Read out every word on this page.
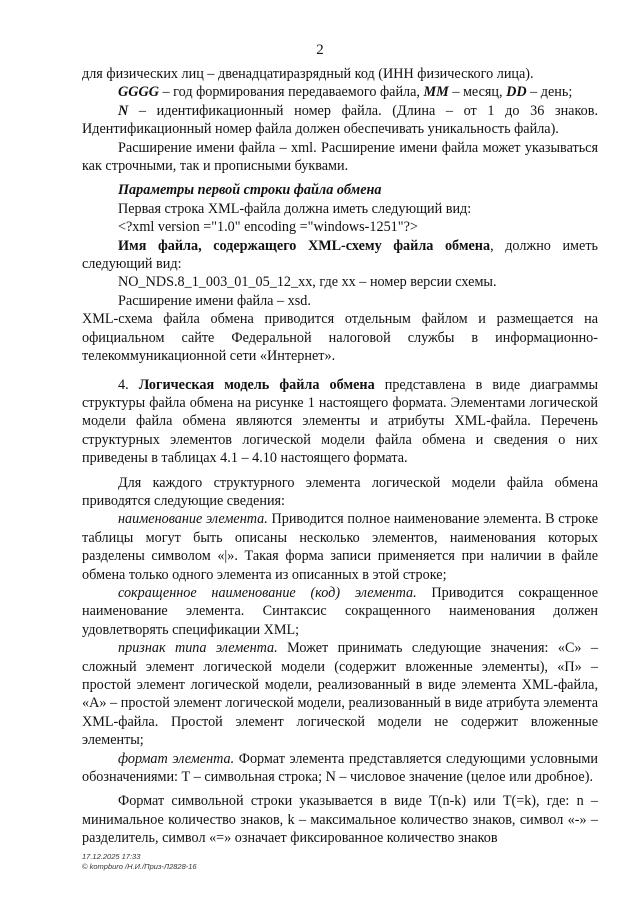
2

для физических лиц – двенадцатиразрядный код (ИНН физического лица).

GGGG – год формирования передаваемого файла, ММ – месяц, DD – день;

N – идентификационный номер файла. (Длина – от 1 до 36 знаков. Идентификационный номер файла должен обеспечивать уникальность файла).

Расширение имени файла – xml. Расширение имени файла может указываться как строчными, так и прописными буквами.

Параметры первой строки файла обмена

Первая строка XML-файла должна иметь следующий вид:

<?xml version ="1.0" encoding ="windows-1251"?>

Имя файла, содержащего XML-схему файла обмена, должно иметь следующий вид:

NO_NDS.8_1_003_01_05_12_xx, где хх – номер версии схемы.

Расширение имени файла – xsd.

XML-схема файла обмена приводится отдельным файлом и размещается на официальном сайте Федеральной налоговой службы в информационно-телекоммуникационной сети «Интернет».

4. Логическая модель файла обмена представлена в виде диаграммы структуры файла обмена на рисунке 1 настоящего формата. Элементами логической модели файла обмена являются элементы и атрибуты XML-файла. Перечень структурных элементов логической модели файла обмена и сведения о них приведены в таблицах 4.1 – 4.10 настоящего формата.

Для каждого структурного элемента логической модели файла обмена приводятся следующие сведения:

наименование элемента. Приводится полное наименование элемента. В строке таблицы могут быть описаны несколько элементов, наименования которых разделены символом «|». Такая форма записи применяется при наличии в файле обмена только одного элемента из описанных в этой строке;

сокращенное наименование (код) элемента. Приводится сокращенное наименование элемента. Синтаксис сокращенного наименования должен удовлетворять спецификации XML;

признак типа элемента. Может принимать следующие значения: «С» – сложный элемент логической модели (содержит вложенные элементы), «П» – простой элемент логической модели, реализованный в виде элемента XML-файла, «А» – простой элемент логической модели, реализованный в виде атрибута элемента XML-файла. Простой элемент логической модели не содержит вложенные элементы;

формат элемента. Формат элемента представляется следующими условными обозначениями: Т – символьная строка; N – числовое значение (целое или дробное).

Формат символьной строки указывается в виде Т(n-k) или Т(=k), где: n – минимальное количество знаков, k – максимальное количество знаков, символ «-» – разделитель, символ «=» означает фиксированное количество знаков

17.12.2025 17:33
© kompburo /Н.И./Приз-Л2828-16
